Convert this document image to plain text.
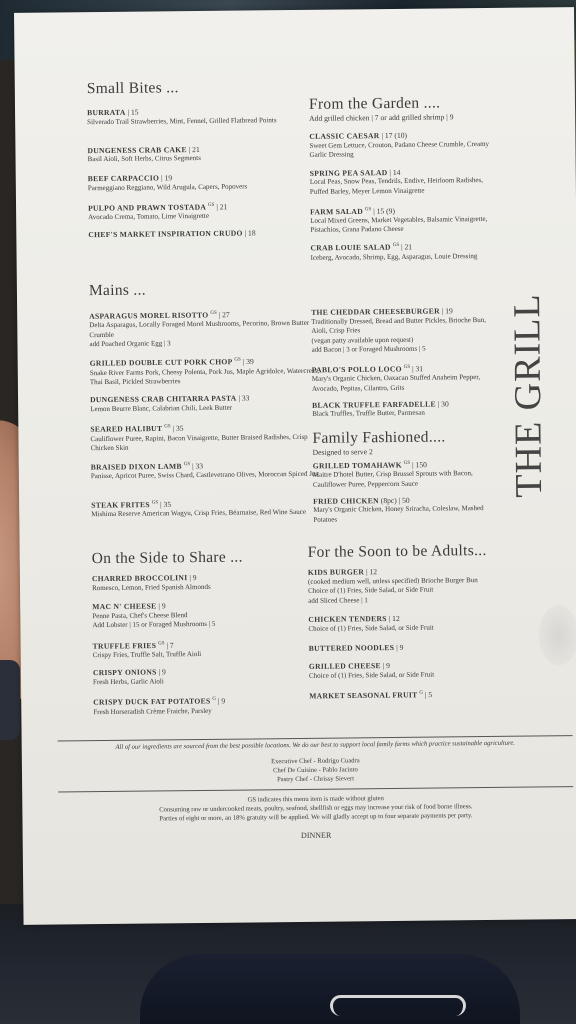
Small Bites ...
BURRATA | 15
Silverado Trail Strawberries, Mint, Fennel, Grilled Flatbread Points
DUNGENESS CRAB CAKE | 21
Basil Aioli, Soft Herbs, Citrus Segments
BEEF CARPACCIO | 19
Parmeggiano Reggiano, Wild Arugula, Capers, Popovers
PULPO AND PRAWN TOSTADA $^{GS}$ | 21
Avocado Crema, Tomato, Lime Vinaigrette
CHEF'S MARKET INSPIRATION CRUDO | 18
Mains ...
ASPARAGUS MOREL RISOTTO $^{GS}$ | 27
Delta Asparagus, Locally Foraged Morel Mushrooms, Pecorino, Brown Butter Crumble
add Poached Organic Egg | 3
GRILLED DOUBLE CUT PORK CHOP $^{GS}$ | 39
Snake River Farms Pork, Cheesy Polenta, Pork Jus, Maple Agridolce, Watercress, Thai Basil, Pickled Strawberries
DUNGENESS CRAB CHITARRA PASTA | 33
Lemon Beurre Blanc, Calabrian Chili, Leek Butter
SEARED HALIBUT $^{GS}$ | 35
Cauliflower Puree, Rapini, Bacon Vinaigrette, Butter Braised Radishes, Crisp Chicken Skin
BRAISED DIXON LAMB $^{GS}$ | 33
Panisse, Apricot Puree, Swiss Chard, Castlevetrano Olives, Moroccan Spiced Jus
STEAK FRITES $^{GS}$ | 35
Mishima Reserve American Wagyu, Crisp Fries, Béarnaise, Red Wine Sauce
From the Garden ....
Add grilled chicken | 7 or add grilled shrimp | 9
CLASSIC CAESAR | 17 (10)
Sweet Gem Lettuce, Crouton, Padano Cheese Crumble, Creamy Garlic Dressing
SPRING PEA SALAD | 14
Local Peas, Snow Peas, Tendrils, Endive, Heirloom Radishes, Puffed Barley, Meyer Lemon Vinaigrette
FARM SALAD $^{GS}$ | 15 (9)
Local Mixed Greens, Market Vegetables, Balsamic Vinaigrette, Pistachios, Grana Padano Cheese
CRAB LOUIE SALAD $^{GS}$ | 21
Iceberg, Avocado, Shrimp, Egg, Asparagus, Louie Dressing
THE CHEDDAR CHEESEBURGER | 19
Traditionally Dressed, Bread and Butter Pickles, Brioche Bun, Aioli, Crisp Fries
(vegan patty available upon request)
add Bacon | 3 or Foraged Mushrooms | 5
PABLO'S POLLO LOCO $^{GS}$ | 31
Mary's Organic Chicken, Oaxacan Stuffed Anaheim Pepper, Avocado, Pepitas, Cilantro, Grits
BLACK TRUFFLE FARFADELLE | 30
Black Truffles, Truffle Butter, Parmesan	THE GRILL
Family Fashioned....
Designed to serve 2
GRILLED TOMAHAWK $^{GS}$ | 150
Maitre D'hotel Butter, Crisp Brussel Sprouts with Bacon, Cauliflower Puree, Peppercorn Sauce
FRIED CHICKEN (8pc) | 50
Mary's Organic Chicken, Honey Sriracha, Coleslaw, Mashed Potatoes
On the Side to Share ...
CHARRED BROCCOLINI | 9
Romesco, Lemon, Fried Spanish Almonds
MAC N' CHEESE | 9
Penne Pasta, Chef's Cheese Blend
Add Lobster | 15 or Foraged Mushrooms | 5
TRUFFLE FRIES $^{GS}$ | 7
Crispy Fries, Truffle Salt, Truffle Aioli
CRISPY ONIONS | 9
Fresh Herbs, Garlic Aioli
CRISPY DUCK FAT POTATOES $^G$ | 9
Fresh Horseradish Crème Fraiche, Parsley
For the Soon to be Adults...
KIDS BURGER | 12
(cooked medium well, unless specified) Brioche Burger Bun
Choice of (1) Fries, Side Salad, or Side Fruit
add Sliced Cheese | 1
CHICKEN TENDERS | 12
Choice of (1) Fries, Side Salad, or Side Fruit
BUTTERED NOODLES | 9
GRILLED CHEESE | 9
Choice of (1) Fries, Side Salad, or Side Fruit
MARKET SEASONAL FRUIT $^G$ | 5
All of our ingredients are sourced from the best possible locations. We do our best to support local family farms which practice sustainable agriculture.
Executive Chef - Rodrigo Cuadra
Chef De Cuisine - Pablo Jacinto
Pastry Chef - Chrissy Sievert
GS indicates this menu item is made without gluten
Consuming raw or undercooked meats, poultry, seafood, shellfish or eggs may increase your risk of food borne illness.
Parties of eight or more, an 18% gratuity will be applied. We will gladly accept up to four separate payments per party.
DINNER
